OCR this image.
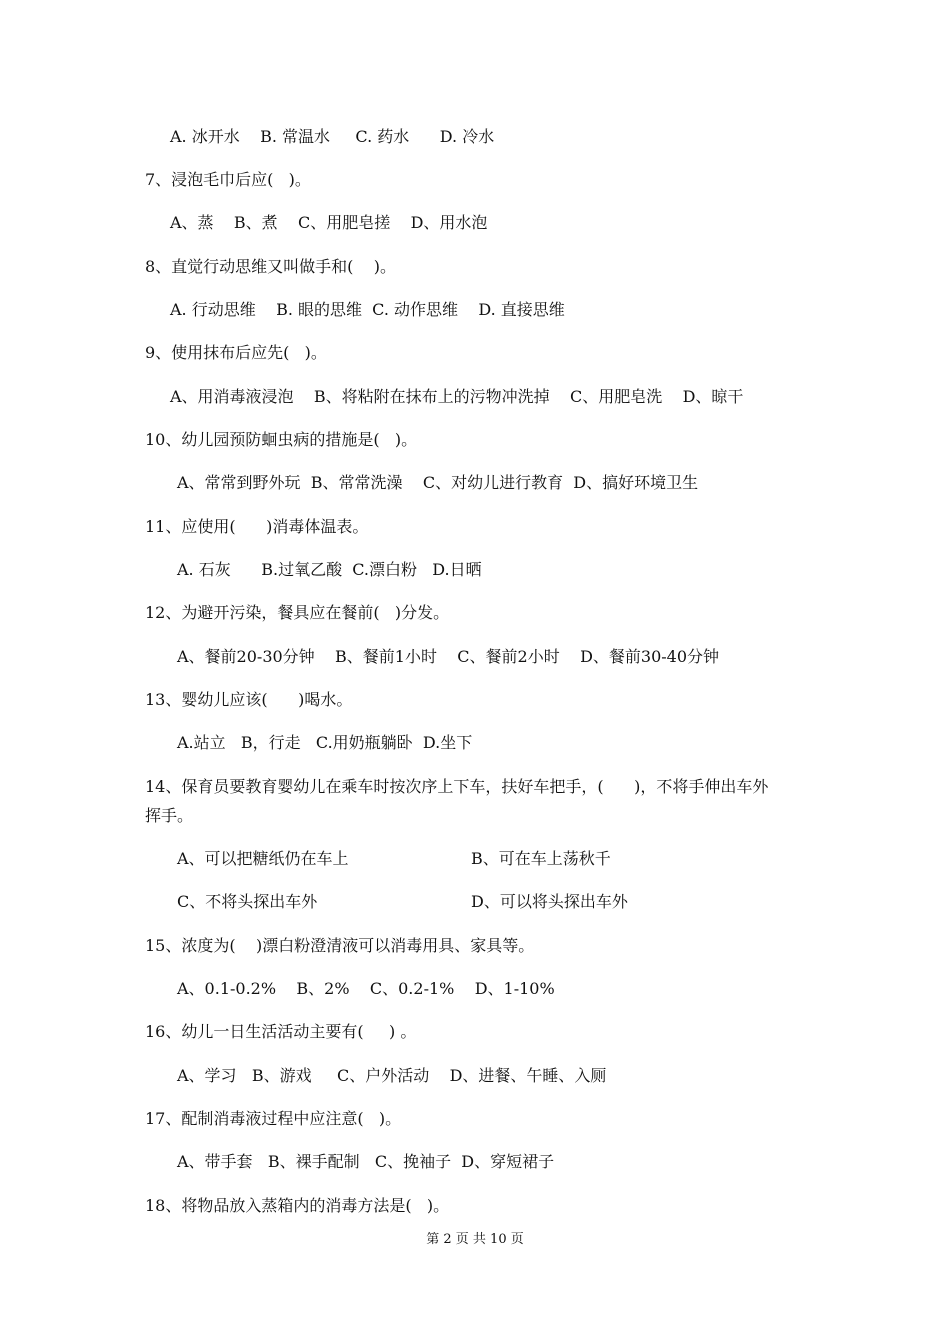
A. 冰开水    B. 常温水     C. 药水      D. 冷水
7、浸泡毛巾后应(   )。
A、蒸    B、煮    C、用肥皂搓    D、用水泡
8、直觉行动思维又叫做手和(    )。
A. 行动思维    B. 眼的思维  C. 动作思维    D. 直接思维
9、使用抹布后应先(   )。
A、用消毒液浸泡    B、将粘附在抹布上的污物冲洗掉    C、用肥皂洗    D、晾干
10、幼儿园预防蛔虫病的措施是(   )。
A、常常到野外玩  B、常常洗澡    C、对幼儿进行教育  D、搞好环境卫生
11、应使用(      )消毒体温表。
A. 石灰      B.过氧乙酸  C.漂白粉   D.日晒
12、为避开污染，餐具应在餐前(   )分发。
A、餐前20-30分钟    B、餐前1小时    C、餐前2小时    D、餐前30-40分钟
13、婴幼儿应该(      )喝水。
A.站立   B，行走   C.用奶瓶躺卧  D.坐下
14、保育员要教育婴幼儿在乘车时按次序上下车，扶好车把手，(      )，不将手伸出车外
挥手。
A、可以把糖纸仍在车上	B、可在车上荡秋千
C、不将头探出车外	D、可以将头探出车外
15、浓度为(    )漂白粉澄清液可以消毒用具、家具等。
A、0.1-0.2%    B、2%    C、0.2-1%    D、1-10%
16、幼儿一日生活活动主要有(     ) 。
A、学习   B、游戏     C、户外活动    D、进餐、午睡、入厕
17、配制消毒液过程中应注意(   )。
A、带手套   B、裸手配制   C、挽袖子  D、穿短裙子
18、将物品放入蒸箱内的消毒方法是(   )。
第 2 页 共 10 页
